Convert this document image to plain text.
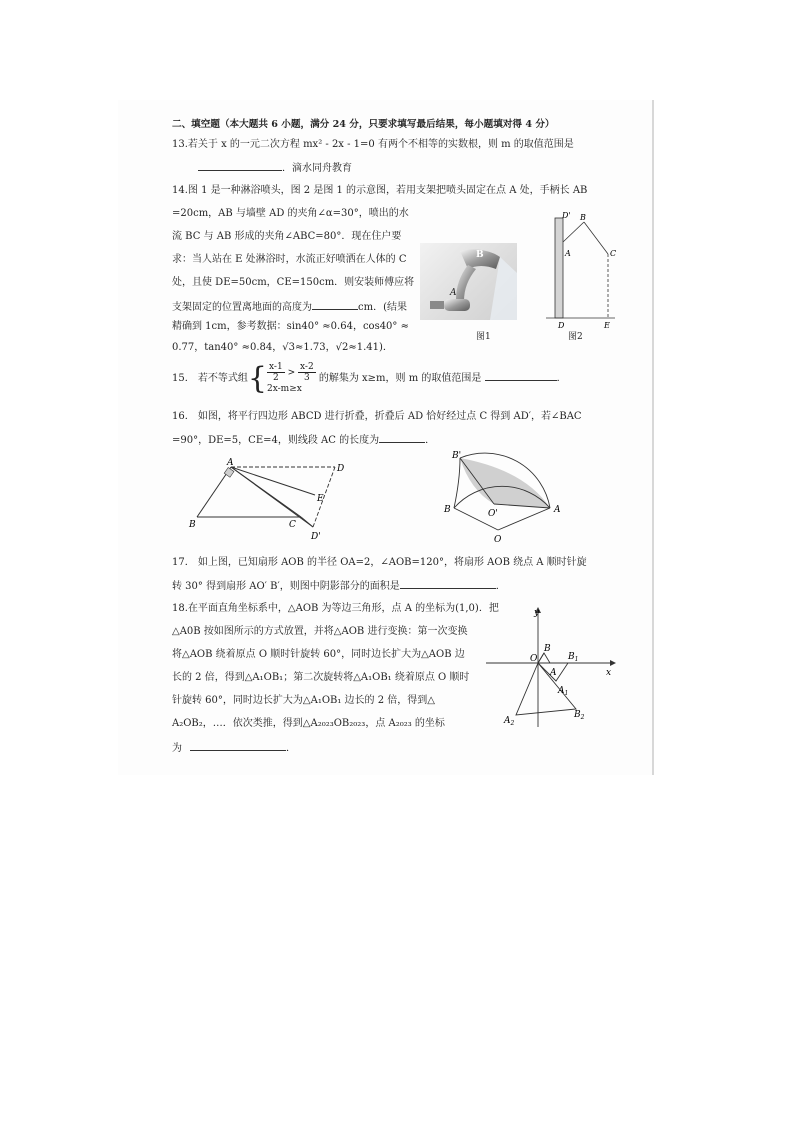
二、填空题（本大题共 6 小题，满分 24 分，只要求填写最后结果，每小题填对得 4 分）
13.若关于 x 的一元二次方程 mx² - 2x - 1=0 有两个不相等的实数根，则 m 的取值范围是
．滴水同舟教育
14.图 1 是一种淋浴喷头，图 2 是图 1 的示意图，若用支架把喷头固定在点 A 处，手柄长 AB
=20cm，AB 与墙壁 AD 的夹角∠α=30°，喷出的水
流 BC 与 AB 形成的夹角∠ABC=80°．现在住户要
求：当人站在 E 处淋浴时，水流正好喷洒在人体的 C
处，且使 DE=50cm，CE=150cm．则安装师傅应将
支架固定的位置离地面的高度为	cm．(结果
精确到 1cm，参考数据：sin40° ≈0.64，cos40° ≈
0.77，tan40° ≈0.84，√3≈1.73，√2≈1.41)．
B
A
图1
D' B
A	C
D	E
图2
15． 若不等式组{ $\frac{x-1}{2} > \frac{x-2}{3}$
2x-m≥x
的解集为 x≥m，则 m 的取值范围是	．
16． 如图，将平行四边形 ABCD 进行折叠，折叠后 AD 恰好经过点 C 得到 AD′，若∠BAC
=90°，DE=5，CE=4，则线段 AC 的长度为	．
A
D
E
B	C
D'
B'
B	O'	A
O
17． 如上图，已知扇形 AOB 的半径 OA=2，∠AOB=120°，将扇形 AOB 绕点 A 顺时针旋
转 30° 得到扇形 AO′ B′，则图中阴影部分的面积是	．
18.在平面直角坐标系中，△AOB 为等边三角形，点 A 的坐标为(1,0)．把
△A0B 按如图所示的方式放置，并将△AOB 进行变换：第一次变换
将△AOB 绕着原点 O 顺时针旋转 60°，同时边长扩大为△AOB 边
长的 2 倍，得到△A₁OB₁；第二次旋转将△A₁OB₁ 绕着原点 O 顺时
针旋转 60°，同时边长扩大为△A₁OB₁ 边长的 2 倍，得到△
A₂OB₂，…．依次类推，得到△A₂₀₂₃OB₂₀₂₃，点 A₂₀₂₃ 的坐标
为	．
y
x
O
B
$B_1$
A
$A_1$
$A_2$
$B_2$
